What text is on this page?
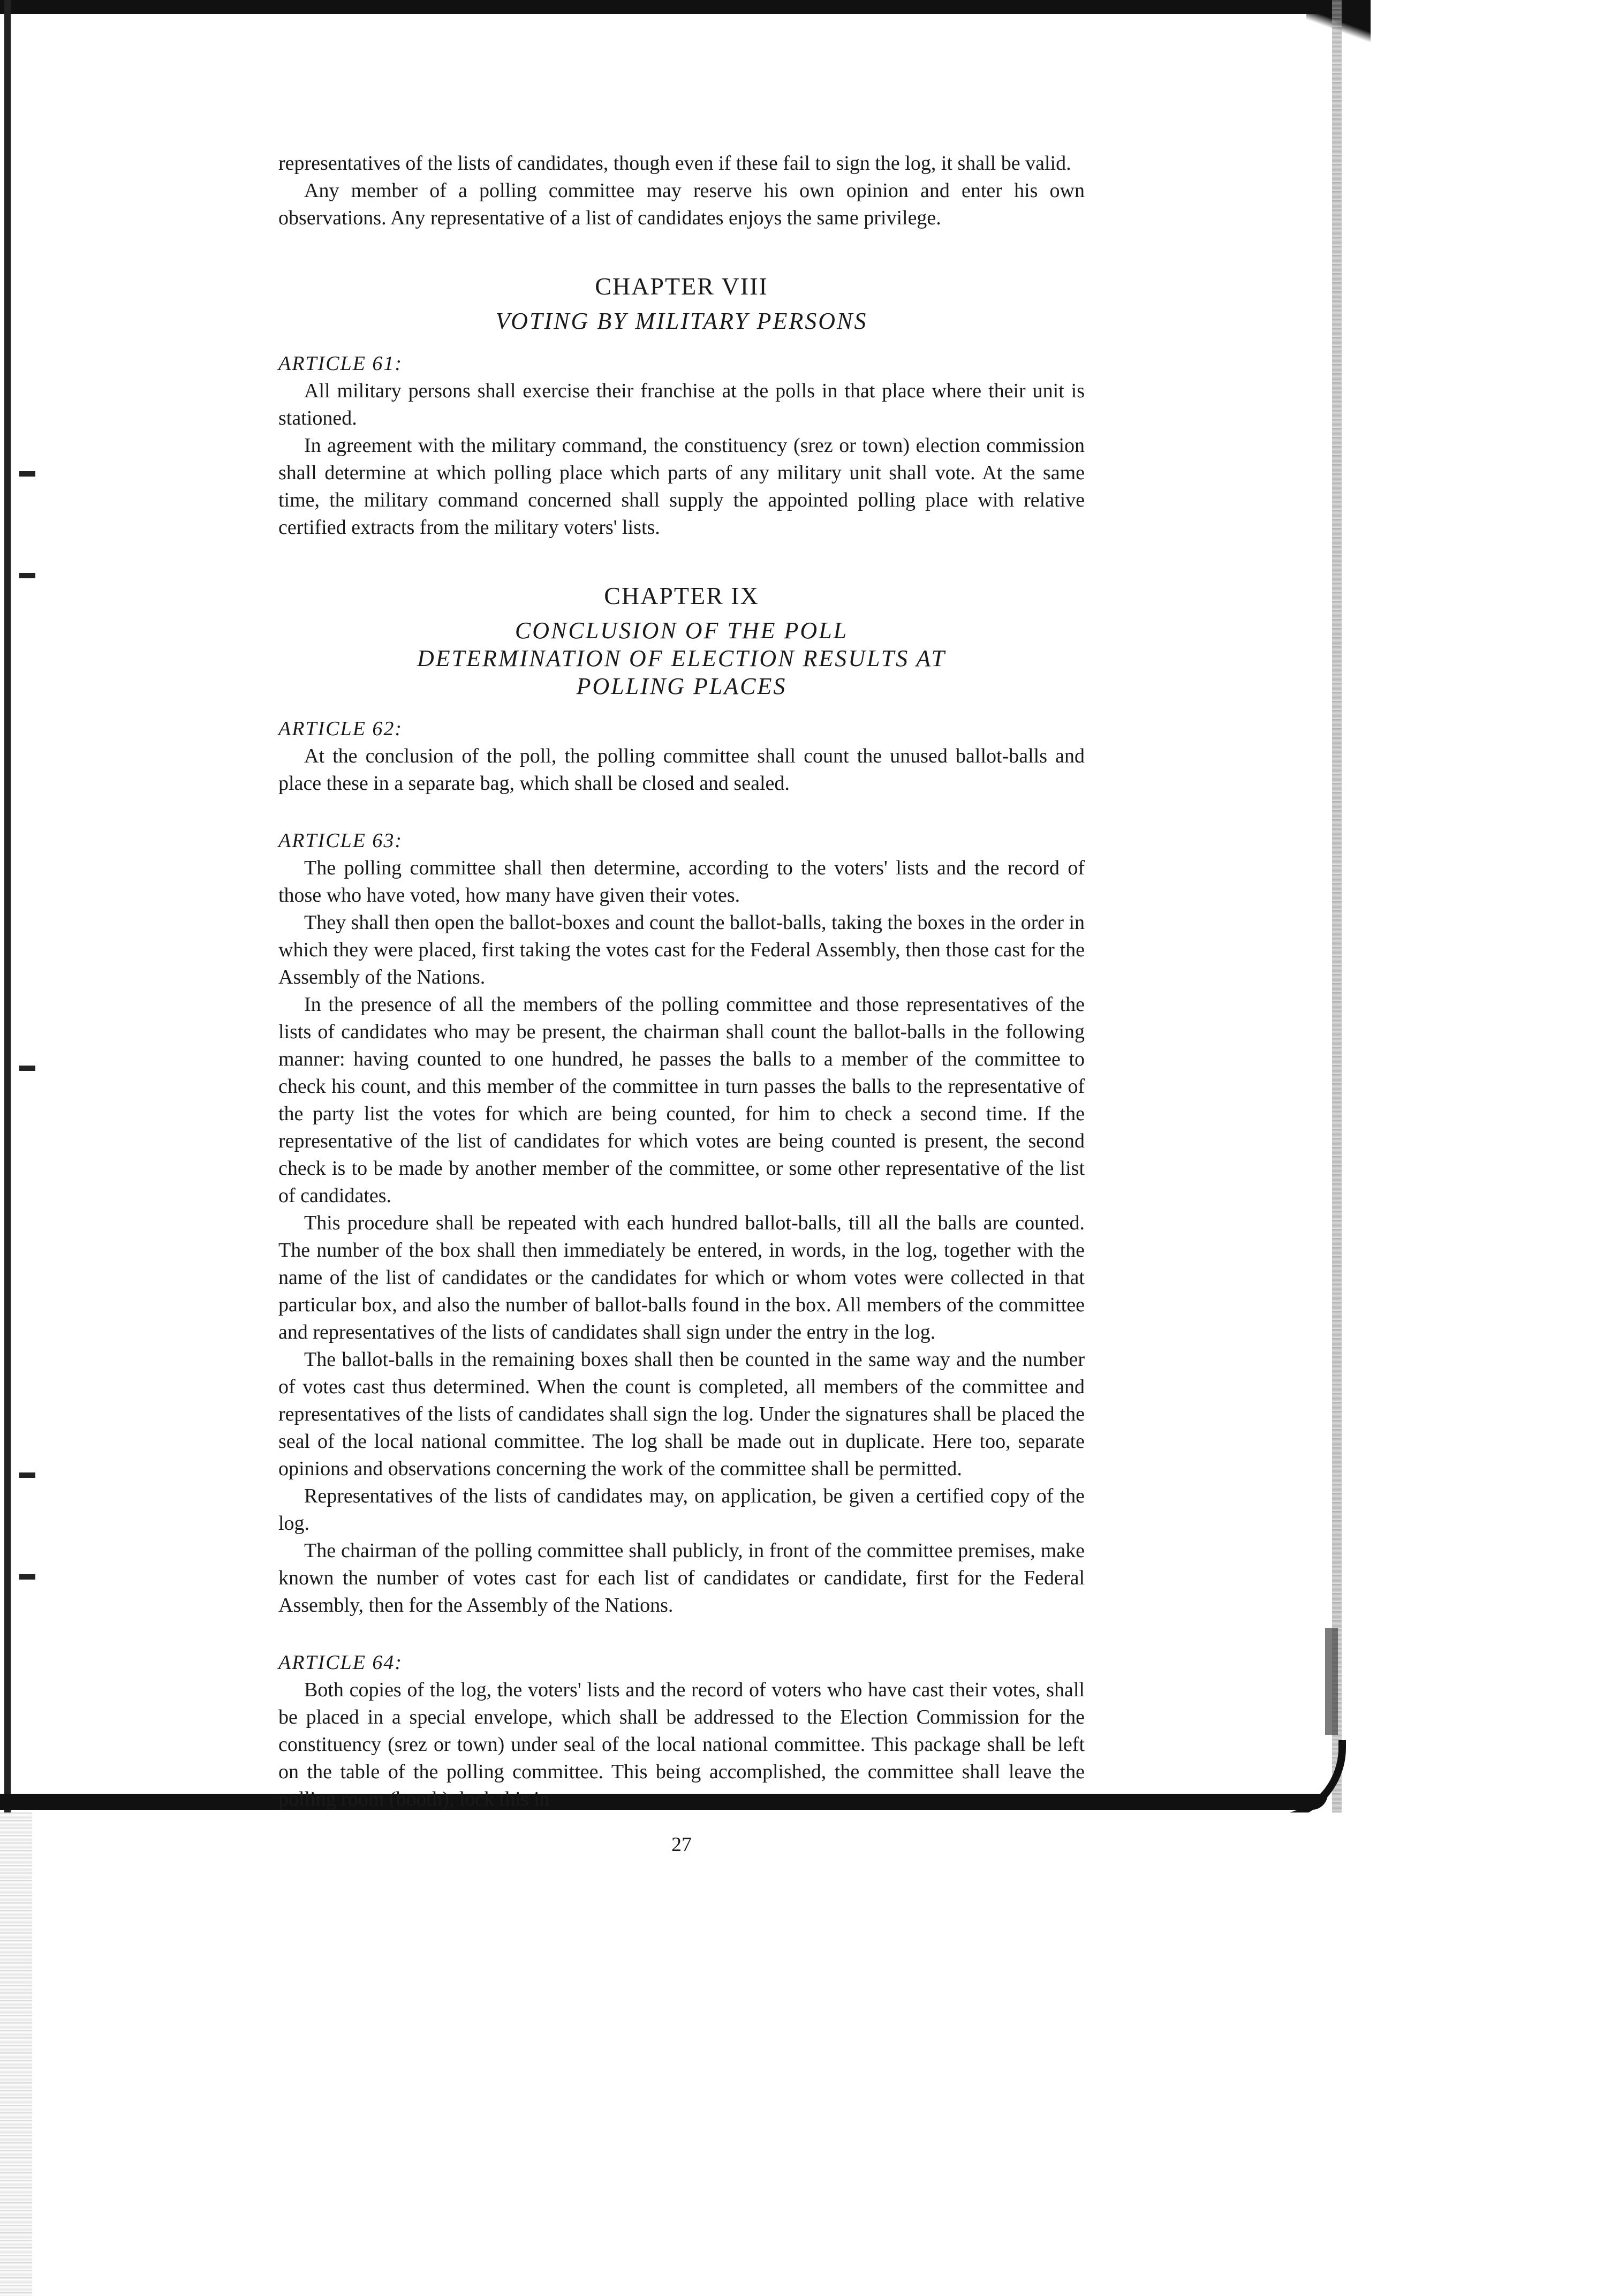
representatives of the lists of candidates, though even if these fail to sign the log, it shall be valid.

Any member of a polling committee may reserve his own opinion and enter his own observations. Any representative of a list of candidates enjoys the same privilege.

CHAPTER VIII
VOTING BY MILITARY PERSONS
ARTICLE 61:

All military persons shall exercise their franchise at the polls in that place where their unit is stationed.

In agreement with the military command, the constituency (srez or town) election commission shall determine at which polling place which parts of any military unit shall vote. At the same time, the military command concerned shall supply the appointed polling place with relative certified extracts from the military voters' lists.

CHAPTER IX
CONCLUSION OF THE POLL
DETERMINATION OF ELECTION RESULTS AT
POLLING PLACES
ARTICLE 62:

At the conclusion of the poll, the polling committee shall count the unused ballot-balls and place these in a separate bag, which shall be closed and sealed.

ARTICLE 63:

The polling committee shall then determine, according to the voters' lists and the record of those who have voted, how many have given their votes.

They shall then open the ballot-boxes and count the ballot-balls, taking the boxes in the order in which they were placed, first taking the votes cast for the Federal Assembly, then those cast for the Assembly of the Nations.

In the presence of all the members of the polling committee and those representatives of the lists of candidates who may be present, the chairman shall count the ballot-balls in the following manner: having counted to one hundred, he passes the balls to a member of the committee to check his count, and this member of the committee in turn passes the balls to the representative of the party list the votes for which are being counted, for him to check a second time. If the representative of the list of candidates for which votes are being counted is present, the second check is to be made by another member of the committee, or some other representative of the list of candidates.

This procedure shall be repeated with each hundred ballot-balls, till all the balls are counted. The number of the box shall then immediately be entered, in words, in the log, together with the name of the list of candidates or the candidates for which or whom votes were collected in that particular box, and also the number of ballot-balls found in the box. All members of the committee and representatives of the lists of candidates shall sign under the entry in the log.

The ballot-balls in the remaining boxes shall then be counted in the same way and the number of votes cast thus determined. When the count is completed, all members of the committee and representatives of the lists of candidates shall sign the log. Under the signatures shall be placed the seal of the local national committee. The log shall be made out in duplicate. Here too, separate opinions and observations concerning the work of the committee shall be permitted.

Representatives of the lists of candidates may, on application, be given a certified copy of the log.

The chairman of the polling committee shall publicly, in front of the committee premises, make known the number of votes cast for each list of candidates or candidate, first for the Federal Assembly, then for the Assembly of the Nations.

ARTICLE 64:

Both copies of the log, the voters' lists and the record of voters who have cast their votes, shall be placed in a special envelope, which shall be addressed to the Election Commission for the constituency (srez or town) under seal of the local national committee. This package shall be left on the table of the polling committee. This being accomplished, the committee shall leave the polling room (booth), lock this in

27
